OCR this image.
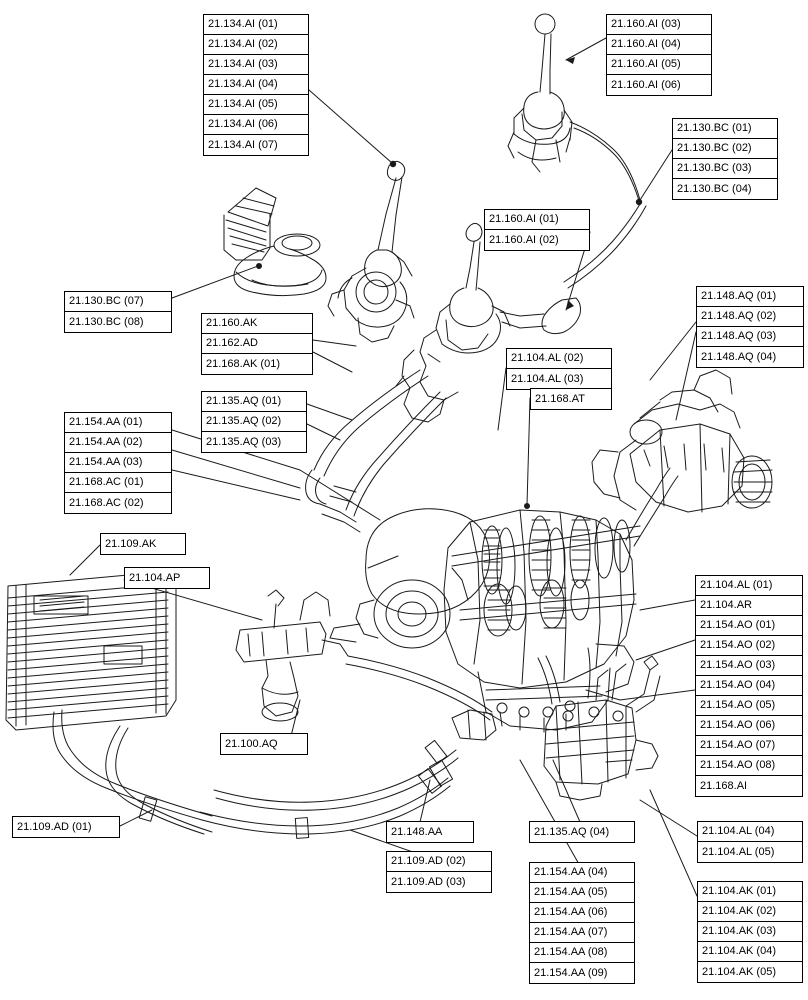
21.134.AI (01)
21.134.AI (02)
21.134.AI (03)
21.134.AI (04)
21.134.AI (05)
21.134.AI (06)
21.134.AI (07)
21.160.AI (03)
21.160.AI (04)
21.160.AI (05)
21.160.AI (06)
21.130.BC (01)
21.130.BC (02)
21.130.BC (03)
21.130.BC (04)
21.160.AI (01)
21.160.AI (02)
21.130.BC (07)
21.130.BC (08)	21.160.AK
21.162.AD
21.168.AK (01)
21.148.AQ (01)
21.148.AQ (02)
21.148.AQ (03)
21.148.AQ (04)
21.104.AL (02)
21.104.AL (03)
21.168.AT
21.135.AQ (01)
21.135.AQ (02)
21.135.AQ (03)
21.154.AA (01)
21.154.AA (02)
21.154.AA (03)
21.168.AC (01)
21.168.AC (02)
21.109.AK
21.104.AP
21.104.AL (01)
21.104.AR
21.154.AO (01)
21.154.AO (02)
21.154.AO (03)
21.154.AO (04)
21.154.AO (05)
21.154.AO (06)
21.154.AO (07)
21.154.AO (08)
21.168.AI
21.100.AQ
21.109.AD (01)	21.148.AA	21.135.AQ (04)	21.104.AL (04)
21.104.AL (05)
21.109.AD (02)
21.109.AD (03)
21.154.AA (04)
21.154.AA (05)
21.154.AA (06)
21.154.AA (07)
21.154.AA (08)
21.154.AA (09)
21.104.AK (01)
21.104.AK (02)
21.104.AK (03)
21.104.AK (04)
21.104.AK (05)
